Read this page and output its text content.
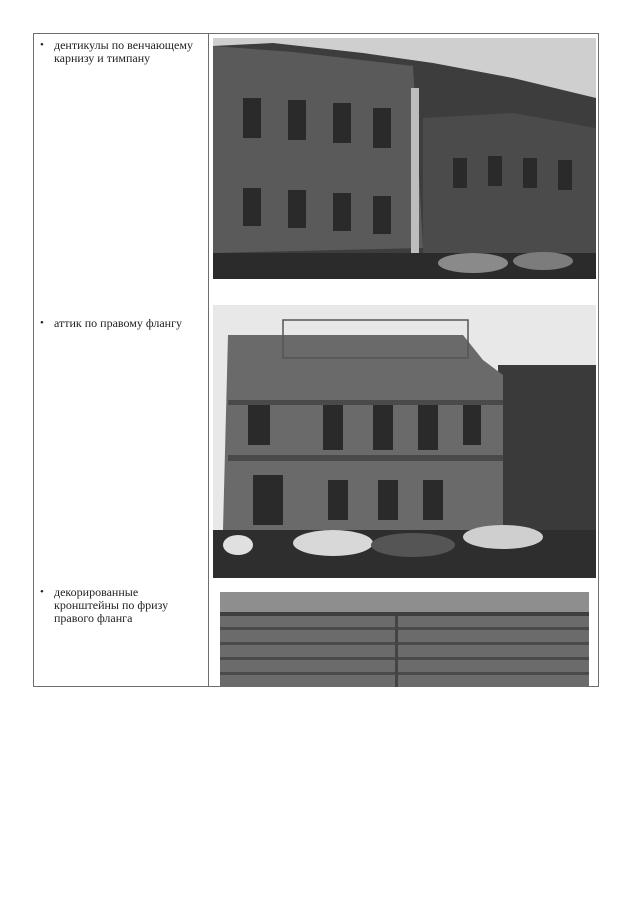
• дентикулы по венчающему карнизу и тимпану
• аттик по правому флангу
• декорированные кронштейны по фризу правого фланга
